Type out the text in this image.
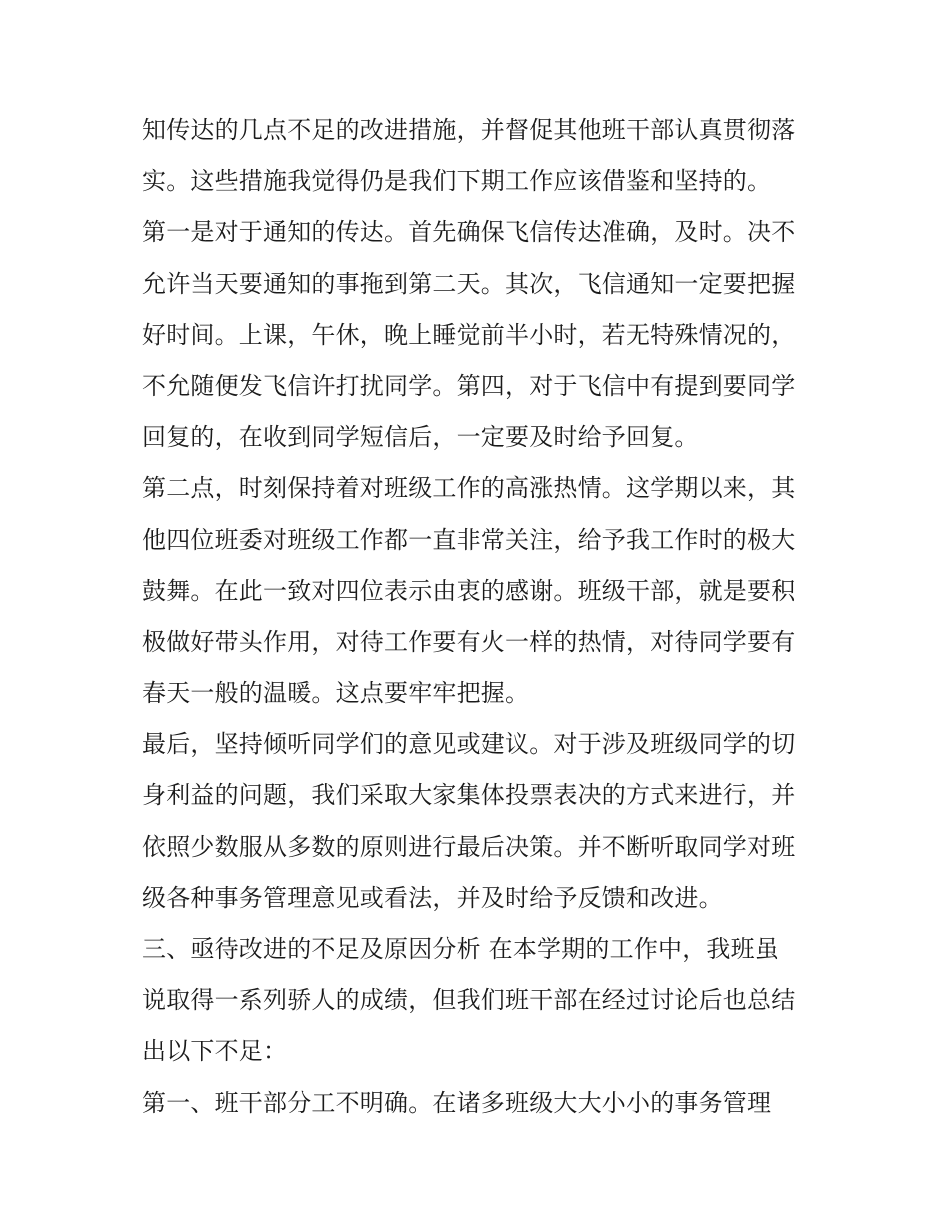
知传达的几点不足的改进措施，并督促其他班干部认真贯彻落
实。这些措施我觉得仍是我们下期工作应该借鉴和坚持的。
第一是对于通知的传达。首先确保飞信传达准确，及时。决不
允许当天要通知的事拖到第二天。其次，飞信通知一定要把握
好时间。上课，午休，晚上睡觉前半小时，若无特殊情况的，
不允随便发飞信许打扰同学。第四，对于飞信中有提到要同学
回复的，在收到同学短信后，一定要及时给予回复。
第二点，时刻保持着对班级工作的高涨热情。这学期以来，其
他四位班委对班级工作都一直非常关注，给予我工作时的极大
鼓舞。在此一致对四位表示由衷的感谢。班级干部，就是要积
极做好带头作用，对待工作要有火一样的热情，对待同学要有
春天一般的温暖。这点要牢牢把握。
最后，坚持倾听同学们的意见或建议。对于涉及班级同学的切
身利益的问题，我们采取大家集体投票表决的方式来进行，并
依照少数服从多数的原则进行最后决策。并不断听取同学对班
级各种事务管理意见或看法，并及时给予反馈和改进。
三、亟待改进的不足及原因分析 在本学期的工作中，我班虽
说取得一系列骄人的成绩，但我们班干部在经过讨论后也总结
出以下不足：
第一、班干部分工不明确。在诸多班级大大小小的事务管理
